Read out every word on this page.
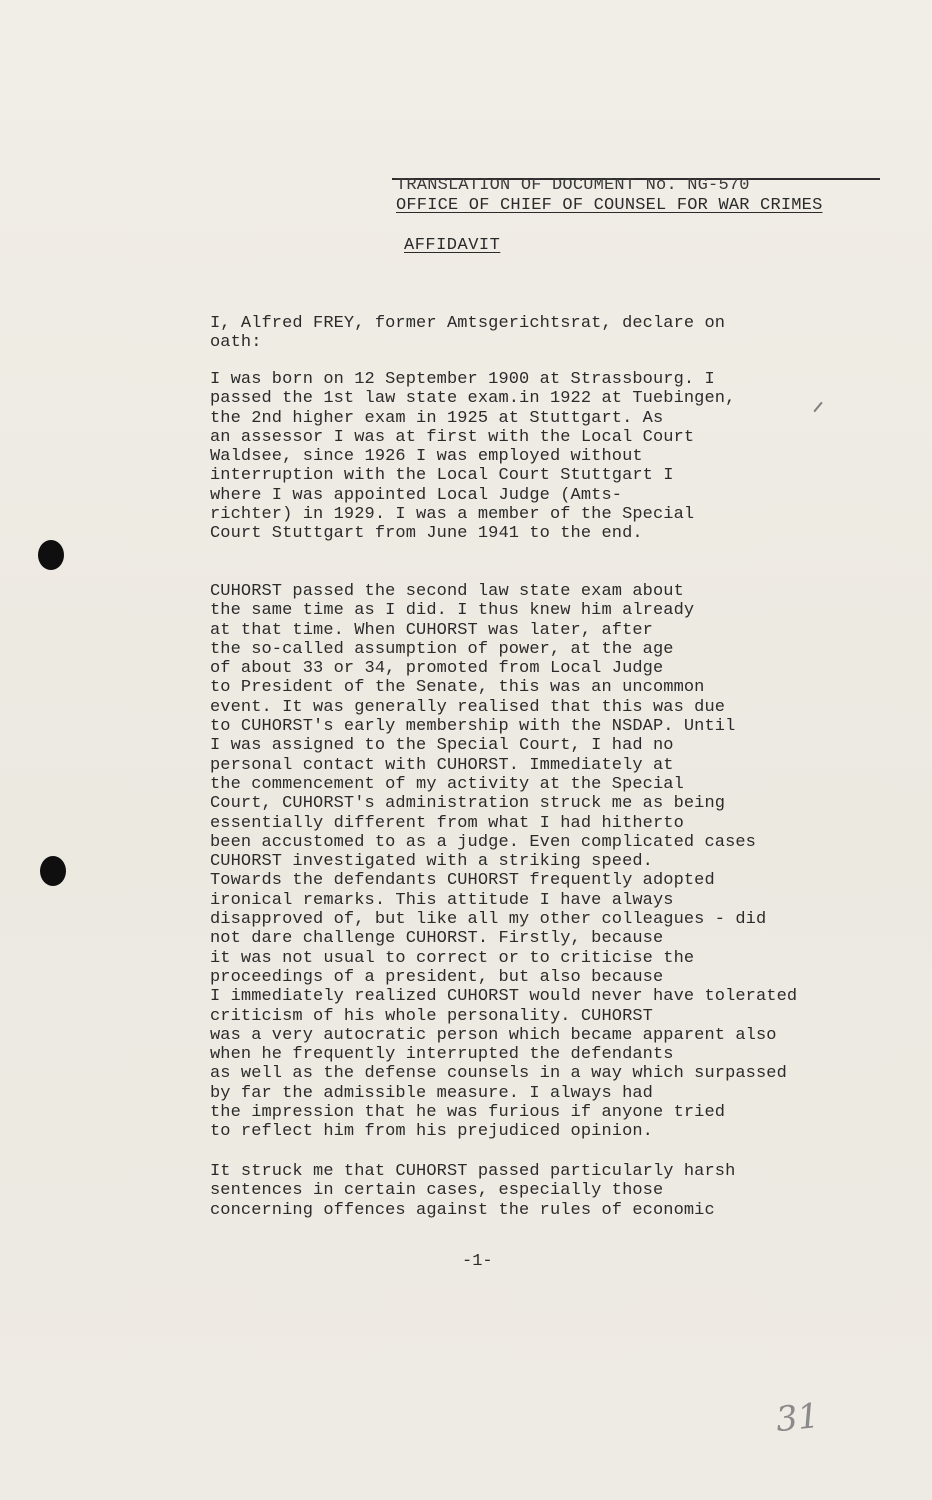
TRANSLATION OF DOCUMENT No. NG-570
OFFICE OF CHIEF OF COUNSEL FOR WAR CRIMES
AFFIDAVIT
I, Alfred FREY, former Amtsgerichtsrat, declare on
oath:
I was born on 12 September 1900 at Strassbourg. I
passed the 1st law state exam.in 1922 at Tuebingen,
the 2nd higher exam in 1925 at Stuttgart. As
an assessor I was at first with the Local Court
Waldsee, since 1926 I was employed without
interruption with the Local Court Stuttgart I
where I was appointed Local Judge (Amts-
richter) in 1929. I was a member of the Special
Court Stuttgart from June 1941 to the end.
CUHORST passed the second law state exam about
the same time as I did. I thus knew him already
at that time. When CUHORST was later, after
the so-called assumption of power, at the age
of about 33 or 34, promoted from Local Judge
to President of the Senate, this was an uncommon
event. It was generally realised that this was due
to CUHORST's early membership with the NSDAP. Until
I was assigned to the Special Court, I had no
personal contact with CUHORST. Immediately at
the commencement of my activity at the Special
Court, CUHORST's administration struck me as being
essentially different from what I had hitherto
been accustomed to as a judge. Even complicated cases
CUHORST investigated with a striking speed.
Towards the defendants CUHORST frequently adopted
ironical remarks. This attitude I have always
disapproved of, but like all my other colleagues - did
not dare challenge CUHORST. Firstly, because
it was not usual to correct or to criticise the
proceedings of a president, but also because
I immediately realized CUHORST would never have tolerated
criticism of his whole personality. CUHORST
was a very autocratic person which became apparent also
when he frequently interrupted the defendants
as well as the defense counsels in a way which surpassed
by far the admissible measure. I always had
the impression that he was furious if anyone tried
to reflect him from his prejudiced opinion.
It struck me that CUHORST passed particularly harsh
sentences in certain cases, especially those
concerning offences against the rules of economic
-1-
31
